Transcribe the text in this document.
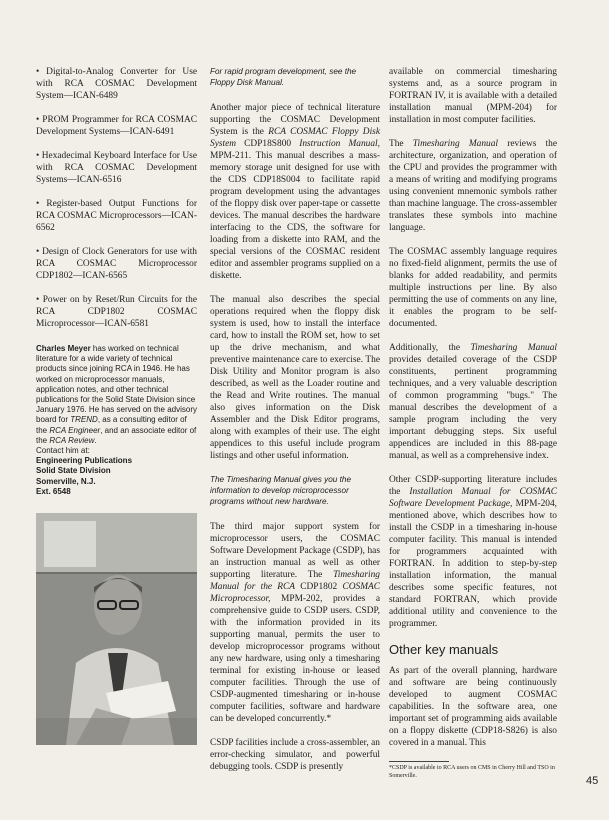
• Digital-to-Analog Converter for Use with RCA COSMAC Development System—ICAN-6489

• PROM Programmer for RCA COSMAC Development Systems—ICAN-6491

• Hexadecimal Keyboard Interface for Use with RCA COSMAC Development Systems—ICAN-6516

• Register-based Output Functions for RCA COSMAC Microprocessors—ICAN-6562

• Design of Clock Generators for use with RCA COSMAC Microprocessor CDP1802—ICAN-6565

• Power on by Reset/Run Circuits for the RCA CDP1802 COSMAC Microprocessor—ICAN-6581

Charles Meyer has worked on technical literature for a wide variety of technical products since joining RCA in 1946. He has worked on microprocessor manuals, application notes, and other technical publications for the Solid State Division since January 1976. He has served on the advisory board for TREND, as a consulting editor of the RCA Engineer, and an associate editor of the RCA Review.

Contact him at:
Engineering Publications
Solid State Division
Somerville, N.J.
Ext. 6548

For rapid program development, see the Floppy Disk Manual.

Another major piece of technical literature supporting the COSMAC Development System is the RCA COSMAC Floppy Disk System CDP18S800 Instruction Manual, MPM-211. This manual describes a mass-memory storage unit designed for use with the CDS CDP18S004 to facilitate rapid program development using the advantages of the floppy disk over paper-tape or cassette devices. The manual describes the hardware interfacing to the CDS, the software for loading from a diskette into RAM, and the special versions of the COSMAC resident editor and assembler programs supplied on a diskette.

The manual also describes the special operations required when the floppy disk system is used, how to install the interface card, how to install the ROM set, how to set up the drive mechanism, and what preventive maintenance care to exercise. The Disk Utility and Monitor program is also described, as well as the Loader routine and the Read and Write routines. The manual also gives information on the Disk Assembler and the Disk Editor programs, along with examples of their use. The eight appendices to this useful include program listings and other useful information.

The Timesharing Manual gives you the information to develop microprocessor programs without new hardware.

The third major support system for microprocessor users, the COSMAC Software Development Package (CSDP), has an instruction manual as well as other supporting literature. The Timesharing Manual for the RCA CDP1802 COSMAC Microprocessor, MPM-202, provides a comprehensive guide to CSDP users. CSDP, with the information provided in its supporting manual, permits the user to develop microprocessor programs without any new hardware, using only a timesharing terminal for existing in-house or leased computer facilities. Through the use of CSDP-augmented timesharing or in-house computer facilities, software and hardware can be developed concurrently.*

CSDP facilities include a cross-assembler, an error-checking simulator, and powerful debugging tools. CSDP is presently

available on commercial timesharing systems and, as a source program in FORTRAN IV, it is available with a detailed installation manual (MPM-204) for installation in most computer facilities.

The Timesharing Manual reviews the architecture, organization, and operation of the CPU and provides the programmer with a means of writing and modifying programs using convenient mnemonic symbols rather than machine language. The cross-assembler translates these symbols into machine language.

The COSMAC assembly language requires no fixed-field alignment, permits the use of blanks for added readability, and permits multiple instructions per line. By also permitting the use of comments on any line, it enables the program to be self-documented.

Additionally, the Timesharing Manual provides detailed coverage of the CSDP constituents, pertinent programming techniques, and a very valuable description of common programming "bugs." The manual describes the development of a sample program including the very important debugging steps. Six useful appendices are included in this 88-page manual, as well as a comprehensive index.

Other CSDP-supporting literature includes the Installation Manual for COSMAC Software Development Package, MPM-204, mentioned above, which describes how to install the CSDP in a timesharing in-house computer facility. This manual is intended for programmers acquainted with FORTRAN. In addition to step-by-step installation information, the manual describes some specific features, not standard FORTRAN, which provide additional utility and convenience to the programmer.

Other key manuals

As part of the overall planning, hardware and software are being continuously developed to augment COSMAC capabilities. In the software area, one important set of programming aids available on a floppy diskette (CDP18-S826) is also covered in a manual. This

*CSDP is available to RCA users on CMS in Cherry Hill and TSO in Somerville.	45
